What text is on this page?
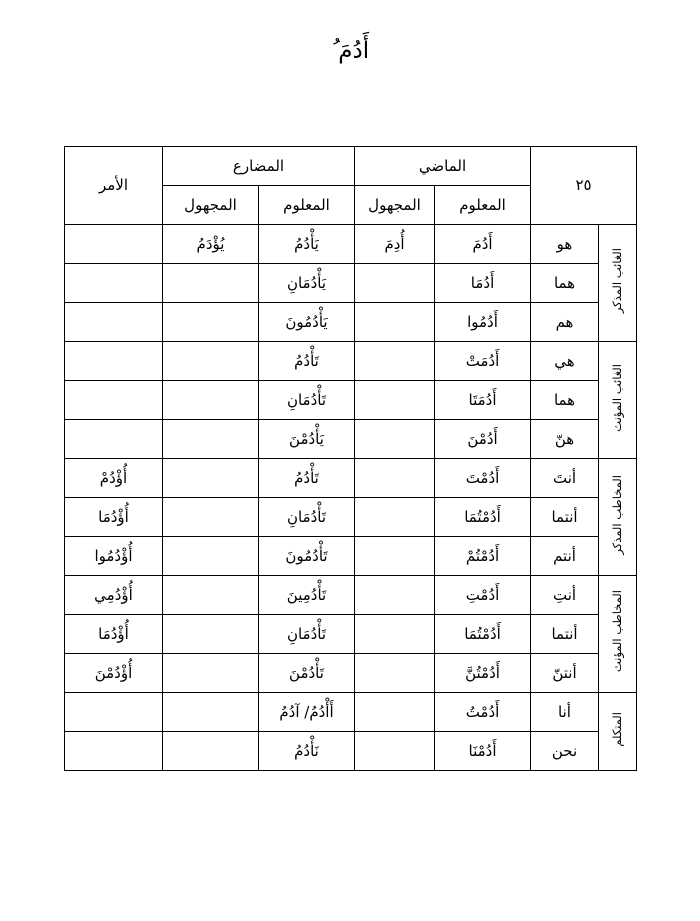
أَدُمَ ُ
٢٥		الماضي		المضارع		الأمر
		المعلوم	المجهول	المعلوم	المجهول	
الغائب المذكر	هو	أَدُمَ	أُدِمَ	يَأْدُمُ	يُؤْدَمُ	
	هما	أَدُمَا		يَأْدُمَانِ		
	هم	أَدُمُوا		يَأْدُمُونَ		
الغائب المؤنث	هي	أَدُمَتْ		تَأْدُمُ		
	هما	أَدُمَتَا		تَأْدُمَانِ		
	هنّ	أَدُمْنَ		يَأْدُمْنَ		
المخاطب المذكر	أنتَ	أَدُمْتَ		تَأْدُمُ		أُؤْدُمْ
	أنتما	أَدُمْتُمَا		تَأْدُمَانِ		أُؤْدُمَا
	أنتم	أَدُمْتُمْ		تَأْدُمُونَ		أُؤْدُمُوا
المخاطب المؤنث	أنتِ	أَدُمْتِ		تَأْدُمِينَ		أُؤْدُمِي
	أنتما	أَدُمْتُمَا		تَأْدُمَانِ		أُؤْدُمَا
	أنتنّ	أَدُمْتُنَّ		تَأْدُمْنَ		أُؤْدُمْنَ
المتكلم	أنا	أَدُمْتُ		أَأْدُمُ/ آدُمُ		
	نحن	أَدُمْنَا		نَأْدُمُ		
